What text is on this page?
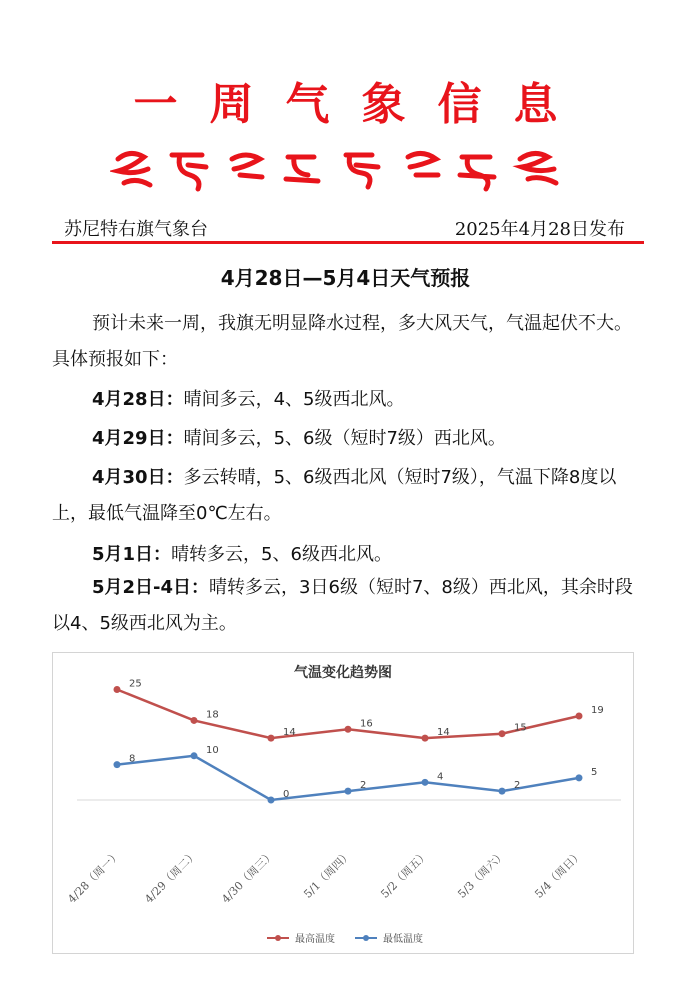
一周气象信息
苏尼特右旗气象台	2025年4月28日发布
4月28日—5月4日天气预报
预计未来一周，我旗无明显降水过程，多大风天气，气温起伏不大。具体预报如下：
4月28日：晴间多云，4、5级西北风。
4月29日：晴间多云，5、6级（短时7级）西北风。
4月30日：多云转晴，5、6级西北风（短时7级），气温下降8度以上，最低气温降至0℃左右。
5月1日：晴转多云，5、6级西北风。
5月2日-4日：晴转多云，3日6级（短时7、8级）西北风，其余时段以4、5级西北风为主。
气温变化趋势图
25
18
14
16
14	15
19
8
10
0
2
4
2
5
4/28（周一） 4/29（周二） 4/30（周三） 5/1（周四） 5/2（周五） 5/3（周六） 5/4（周日）
最高温度	最低温度
